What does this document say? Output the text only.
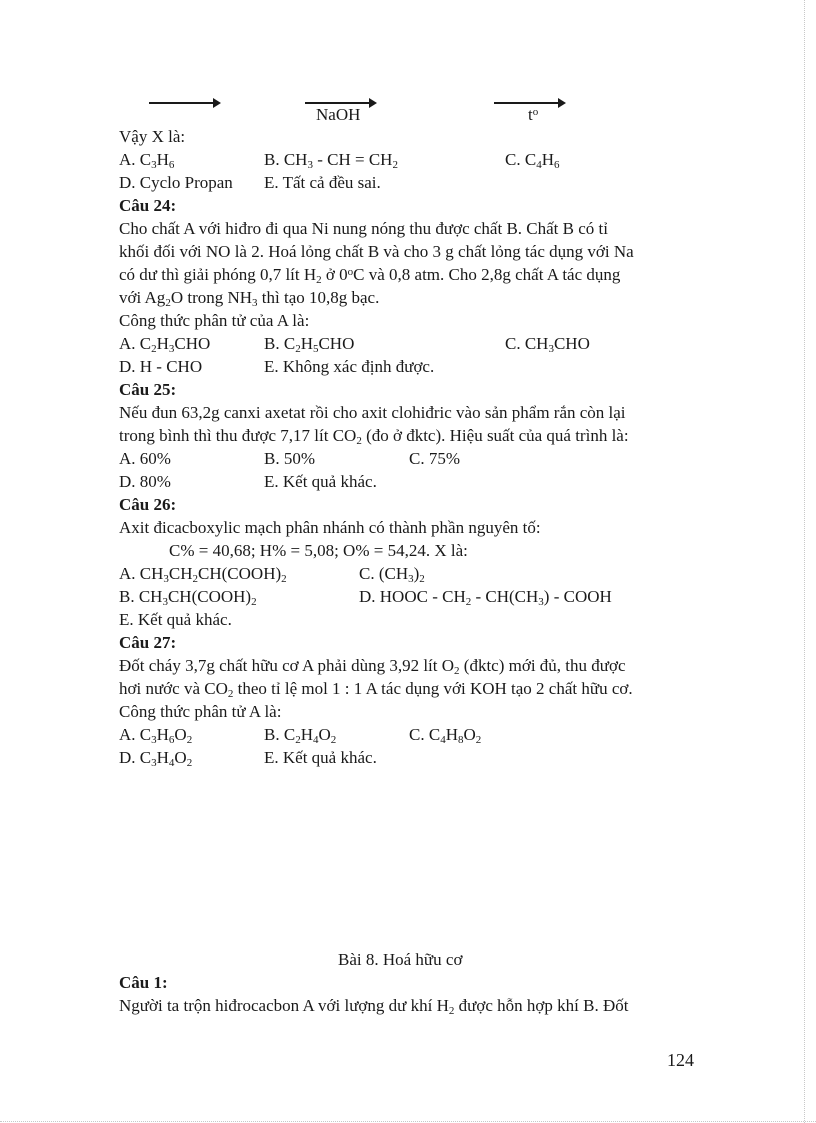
NaOH	$t^o$
Vậy X là:
A. $C_3H_6$	B. $CH_3$ - CH = $CH_2$	C. $C_4H_6$
D. Cyclo Propan E. Tất cả đều sai.
Câu 24:
Cho chất A với hiđro đi qua Ni nung nóng thu được chất B. Chất B có tỉ
khối đối với NO là 2. Hoá lỏng chất B và cho 3 g chất lỏng tác dụng với Na
có dư thì giải phóng 0,7 lít $H_2$ ở 0$^o$C và 0,8 atm. Cho 2,8g chất A tác dụng
với $Ag_2O$ trong $NH_3$ thì tạo 10,8g bạc.
Công thức phân tử của A là:
A. $C_2H_3CHO$	B. $C_2H_5CHO$	C. $CH_3CHO$
D. H - CHO	E. Không xác định được.
Câu 25:
Nếu đun 63,2g canxi axetat rồi cho axit clohiđric vào sản phẩm rắn còn lại
trong bình thì thu được 7,17 lít $CO_2$ (đo ở đktc). Hiệu suất của quá trình là:
A. 60%	B. 50%	C. 75%
D. 80%	E. Kết quả khác.
Câu 26:
Axit đicacboxylic mạch phân nhánh có thành phần nguyên tố:
C% = 40,68; H% = 5,08; O% = 54,24. X là:
A. $CH_3CH_2CH(COOH)_2$	C. $(CH_3)_2$
B. $CH_3CH(COOH)_2$	D. HOOC - $CH_2 - CH(CH_3)$ - COOH
E. Kết quả khác.
Câu 27:
Đốt cháy 3,7g chất hữu cơ A phải dùng 3,92 lít $O_2$ (đktc) mới đủ, thu được
hơi nước và $CO_2$ theo tỉ lệ mol 1 : 1 A tác dụng với KOH tạo 2 chất hữu cơ.
Công thức phân tử A là:
A. $C_3H_6O_2$	B. $C_2H_4O_2$	C. $C_4H_8O_2$
D. $C_3H_4O_2$	E. Kết quả khác.
Bài 8. Hoá hữu cơ
Câu 1:
Người ta trộn hiđrocacbon A với lượng dư khí $H_2$ được hỗn hợp khí B. Đốt
124
